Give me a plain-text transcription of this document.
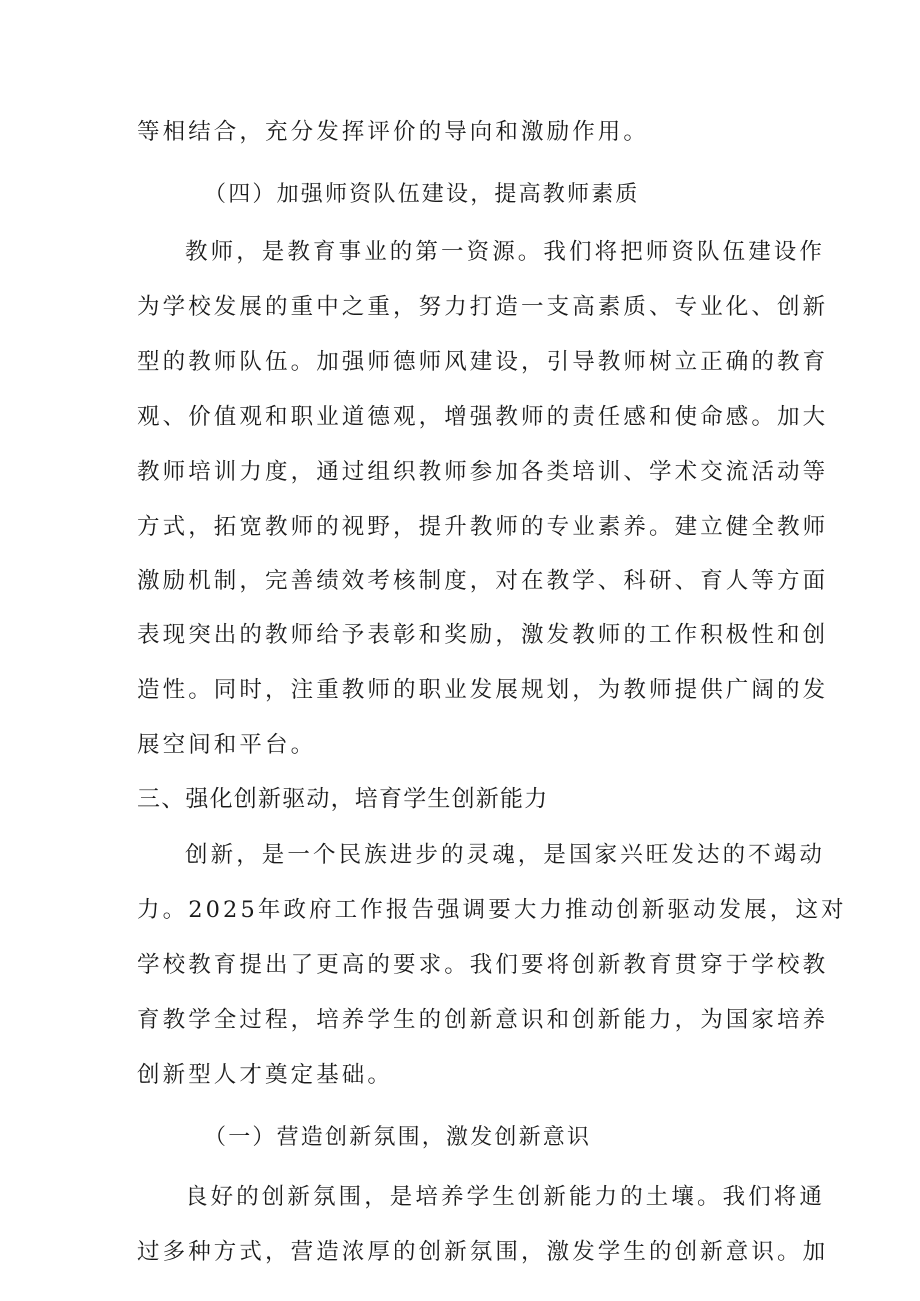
等相结合，充分发挥评价的导向和激励作用。
（四）加强师资队伍建设，提高教师素质
教师，是教育事业的第一资源。我们将把师资队伍建设作
为学校发展的重中之重，努力打造一支高素质、专业化、创新
型的教师队伍。加强师德师风建设，引导教师树立正确的教育
观、价值观和职业道德观，增强教师的责任感和使命感。加大
教师培训力度，通过组织教师参加各类培训、学术交流活动等
方式，拓宽教师的视野，提升教师的专业素养。建立健全教师
激励机制，完善绩效考核制度，对在教学、科研、育人等方面
表现突出的教师给予表彰和奖励，激发教师的工作积极性和创
造性。同时，注重教师的职业发展规划，为教师提供广阔的发
展空间和平台。
三、强化创新驱动，培育学生创新能力
创新，是一个民族进步的灵魂，是国家兴旺发达的不竭动
力。2025年政府工作报告强调要大力推动创新驱动发展，这对
学校教育提出了更高的要求。我们要将创新教育贯穿于学校教
育教学全过程，培养学生的创新意识和创新能力，为国家培养
创新型人才奠定基础。
（一）营造创新氛围，激发创新意识
良好的创新氛围，是培养学生创新能力的土壤。我们将通
过多种方式，营造浓厚的创新氛围，激发学生的创新意识。加
